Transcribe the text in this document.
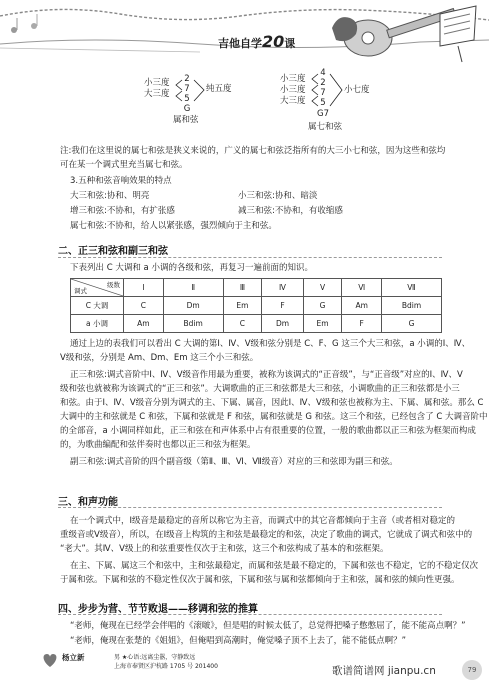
吉他自学20课
小三度
大三度
2
7
5
G
纯五度
属和弦
小三度
小三度
大三度
4
2
7
5
G7
小七度
属七和弦
注:我们在这里说的属七和弦是狭义来说的，广义的属七和弦泛指所有的大三小七和弦，因为这些和弦均
可在某一个调式里充当属七和弦。
3.五种和弦音响效果的特点
大三和弦:协和、明亮	小三和弦:协和、暗淡
增三和弦:不协和，有扩张感	减三和弦:不协和，有收缩感
属七和弦:不协和，给人以紧张感，强烈倾向于主和弦。
二、正三和弦和副三和弦
下表列出 C 大调和 a 小调的各级和弦，再复习一遍前面的知识。
级数
调式	Ⅰ	Ⅱ	Ⅲ	Ⅳ	Ⅴ	Ⅵ	Ⅶ
C 大调	C	Dm	Em	F	G	Am	Bdim
a 小调	Am	Bdim	C	Dm	Em	F	G
通过上边的表我们可以看出 C 大调的第Ⅰ、Ⅳ、Ⅴ级和弦分别是 C、F、G 这三个大三和弦，a 小调的Ⅰ、Ⅳ、
Ⅴ级和弦，分别是 Am、Dm、Em 这三个小三和弦。
正三和弦:调式音阶中Ⅰ、Ⅳ、Ⅴ级音作用最为重要，被称为该调式的“正音级”，与“正音级”对应的Ⅰ、Ⅳ、Ⅴ
级和弦也就被称为该调式的“正三和弦”。大调歌曲的正三和弦都是大三和弦，小调歌曲的正三和弦都是小三
和弦。由于Ⅰ、Ⅳ、Ⅴ级音分别为调式的主、下属、属音，因此Ⅰ、Ⅳ、Ⅴ级和弦也被称为主、下属、属和弦。那么 C
大调中的主和弦就是 C 和弦，下属和弦就是 F 和弦，属和弦就是 G 和弦。这三个和弦，已经包含了 C 大调音阶中
的全部音，a 小调同样如此，正三和弦在和声体系中占有很重要的位置，一般的歌曲都以正三和弦为框架而构成
的，为歌曲编配和弦伴奏时也都以正三和弦为框架。
副三和弦:调式音阶的四个副音级（第Ⅱ、Ⅲ、Ⅵ、Ⅶ级音）对应的三和弦即为副三和弦。
三、和声功能
在一个调式中，Ⅰ级音是最稳定的音所以称它为主音，而调式中的其它音都倾向于主音（或者相对稳定的
重级音或Ⅴ级音），所以，在Ⅰ级音上构筑的主和弦是最稳定的和弦，决定了歌曲的调式，它就成了调式和弦中的
“老大”。其Ⅳ、Ⅴ级上的和弦重要性仅次于主和弦，这三个和弦构成了基本的和弦框架。
在主、下属、属这三个和弦中，主和弦最稳定，而属和弦是最不稳定的，下属和弦也不稳定，它的不稳定仅次
于属和弦。下属和弦的不稳定性仅次于属和弦，下属和弦与属和弦都倾向于主和弦，属和弦的倾向性更强。
四、步步为营、节节败退——移调和弦的推算
“老师，俺现在已经学会伴唱的《滚啵》，但是唱的时候太低了，总觉得把嗓子憋憋屈了，能不能高点啊？”
“老师，俺现在张楚的《姐姐》，但俺唱到高潮时，俺觉嗓子顶不上去了，能不能低点啊？”
杨立新	男 ★心语:远离尘嚣，守静致远
上海市奉贤区沪杭路 1705 号 201400	歌谱简谱网 jianpu.cn	79
